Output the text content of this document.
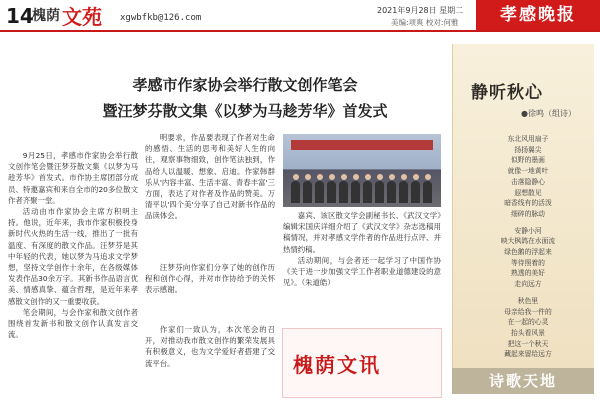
14
槐荫 文苑 xgwbfkb@126.com
2021年9月28日 星期二
美编:项爽 校对:何雅	孝感晚报
孝感市作家协会举行散文创作笔会
暨汪梦芬散文集《以梦为马趁芳华》首发式

9月25日，孝感市作家协会举行散文创作笔会暨汪梦芬散文集《以梦为马趁芳华》首发式。市作协主席团部分成员、特邀嘉宾和来自全市的20多位散文作者齐聚一堂。

活动由市作家协会主席方积明主持。他说，近年来，我市作家积极投身新时代火热的生活一线，推出了一批有温度、有深度的散文作品。汪梦芬是其中年轻的代表，她以梦为马追求文学梦想，坚持文学创作十余年，在各级媒体发表作品30余万字。其新书作品语言优美、情感真挚、蕴含哲理，是近年来孝感散文创作的又一重要收获。

笔会期间，与会作家和散文创作者围绕首发新书和散文创作认真发言交流。

明要求，作品要表现了作者对生命的感悟、生活的思考和美好人生的向往，观察事物细致，创作笔法独到，作品给人以温暖、想象、启迪。作家韩群乐从'内容丰富、生活丰富、青春丰富'三方面，表达了对作者及作品的赞美。万清平以'四个美'分享了自己对新书作品的品读体会。

汪梦芬向作家们分享了她的创作历程和创作心得，并对市作协给予的关怀表示感谢。

嘉宾、该区散文学会副秘书长、《武汉文学》编辑宋国庆详细介绍了《武汉文学》杂志选稿用稿情况，并对孝感文学作者的作品进行点评、并热情约稿。

活动期间，与会者还一起学习了中国作协《关于进一步加强文学工作者职业道德建设的意见》。（朱道皓）

作家们一致认为，本次笔会的召开，对推动我市散文创作的繁荣发展具有积极意义，也为文学爱好者搭建了交流平台。	槐荫文讯
静听秋心
●徐鸣（组诗）
东北风用扇子
扬扬翼尖
似野的墨画
就像一地黄叶
击落隐静心
遐想散见
暗香线有的活泼
细碎的脉动
安静小河
映大枫鸽在水面流
绿色鹅的浮起来
等待照着的
熟透的美好
走向远方
秋色里
母亲给我一件的
在一起的心灵
抬头看风景
把这一个秋天
藏起来留给远方
诗歌天地
